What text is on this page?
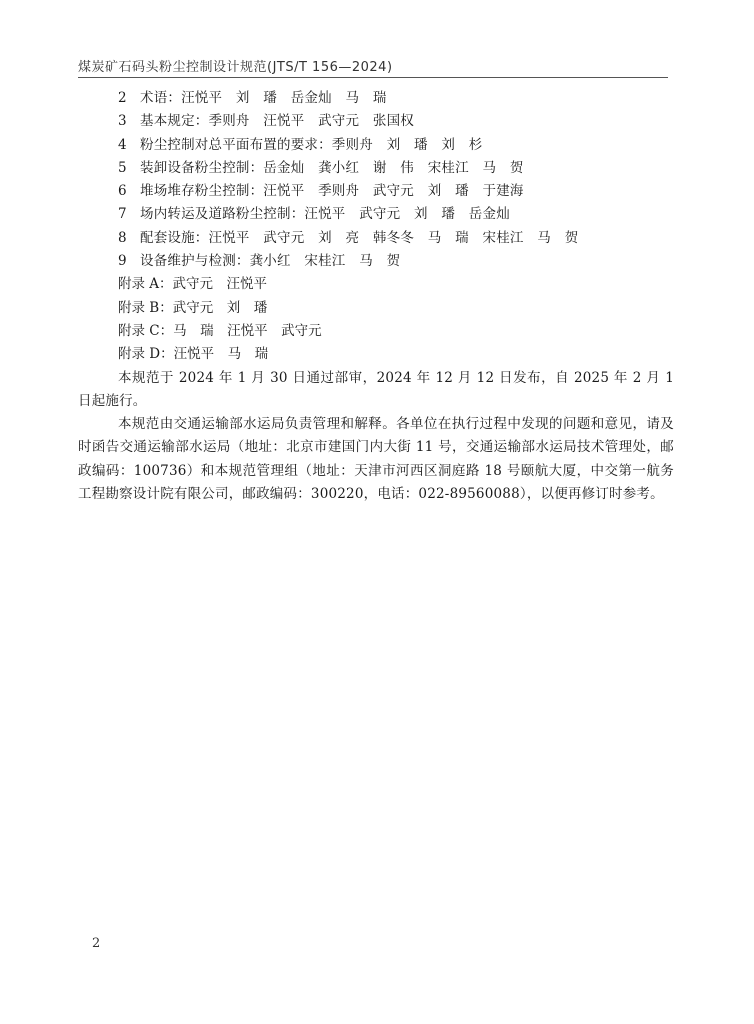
煤炭矿石码头粉尘控制设计规范(JTS/T 156—2024)
2 术语：汪悦平　刘　璠　岳金灿　马　瑞
3 基本规定：季则舟　汪悦平　武守元　张国权
4 粉尘控制对总平面布置的要求：季则舟　刘　璠　刘　杉
5 装卸设备粉尘控制：岳金灿　龚小红　谢　伟　宋桂江　马　贺
6 堆场堆存粉尘控制：汪悦平　季则舟　武守元　刘　璠　于建海
7 场内转运及道路粉尘控制：汪悦平　武守元　刘　璠　岳金灿
8 配套设施：汪悦平　武守元　刘　亮　韩冬冬　马　瑞　宋桂江　马　贺
9 设备维护与检测：龚小红　宋桂江　马　贺
附录 A：武守元　汪悦平
附录 B：武守元　刘　璠
附录 C：马　瑞　汪悦平　武守元
附录 D：汪悦平　马　瑞

本规范于 2024 年 1 月 30 日通过部审，2024 年 12 月 12 日发布，自 2025 年 2 月 1 日起施行。

本规范由交通运输部水运局负责管理和解释。各单位在执行过程中发现的问题和意见，请及时函告交通运输部水运局（地址：北京市建国门内大街 11 号，交通运输部水运局技术管理处，邮政编码：100736）和本规范管理组（地址：天津市河西区洞庭路 18 号颐航大厦，中交第一航务工程勘察设计院有限公司，邮政编码：300220，电话：022-89560088），以便再修订时参考。

2
